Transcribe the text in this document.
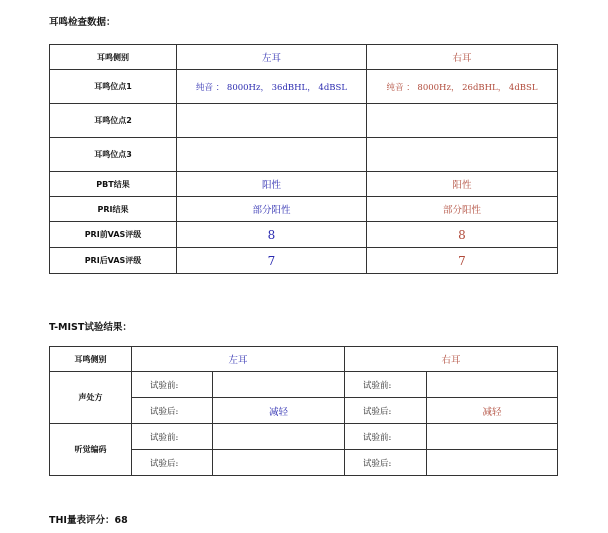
耳鸣检查数据：
耳鸣侧别	左耳	右耳
耳鸣位点1	纯音 ： 8000Hz， 36dBHL， 4dBSL	纯音 ： 8000Hz， 26dBHL， 4dBSL
耳鸣位点2		
耳鸣位点3		
PBT结果	阳性	阳性
PRI结果	部分阳性	部分阳性
PRI前VAS评级	8	8
PRI后VAS评级	7	7
T-MIST试验结果：
耳鸣侧别	左耳		右耳	
声处方	试验前:		试验前:	
	试验后:	减轻	试验后:	减轻
听觉编码	试验前:		试验前:	
	试验后:		试验后:	
THI量表评分：68
